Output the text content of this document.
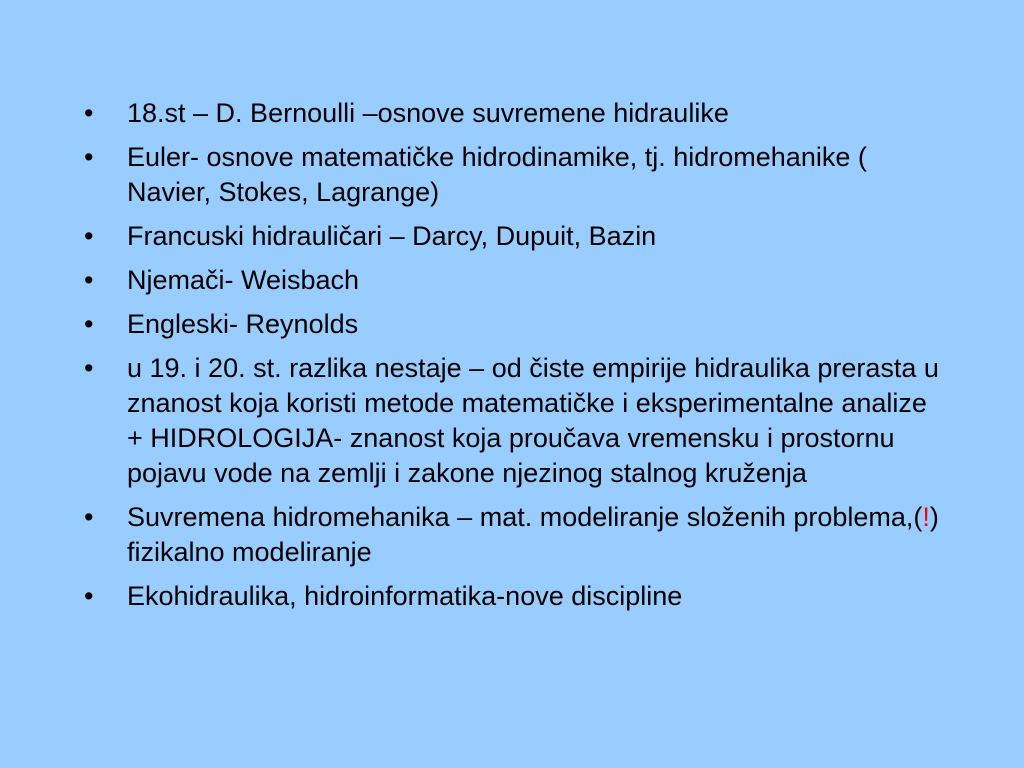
•	18.st – D. Bernoulli –osnove suvremene hidraulike
•	Euler- osnove matematičke hidrodinamike, tj. hidromehanike ( Navier, Stokes, Lagrange)
•	Francuski hidrauličari – Darcy, Dupuit, Bazin
•	Njemači- Weisbach
•	Engleski- Reynolds
•	u 19. i 20. st. razlika nestaje – od čiste empirije hidraulika prerasta u znanost koja koristi metode matematičke i eksperimentalne analize + HIDROLOGIJA- znanost koja proučava vremensku i prostornu pojavu vode na zemlji i zakone njezinog stalnog kruženja
•	Suvremena hidromehanika – mat. modeliranje složenih problema,(!) fizikalno modeliranje
•	Ekohidraulika, hidroinformatika-nove discipline
